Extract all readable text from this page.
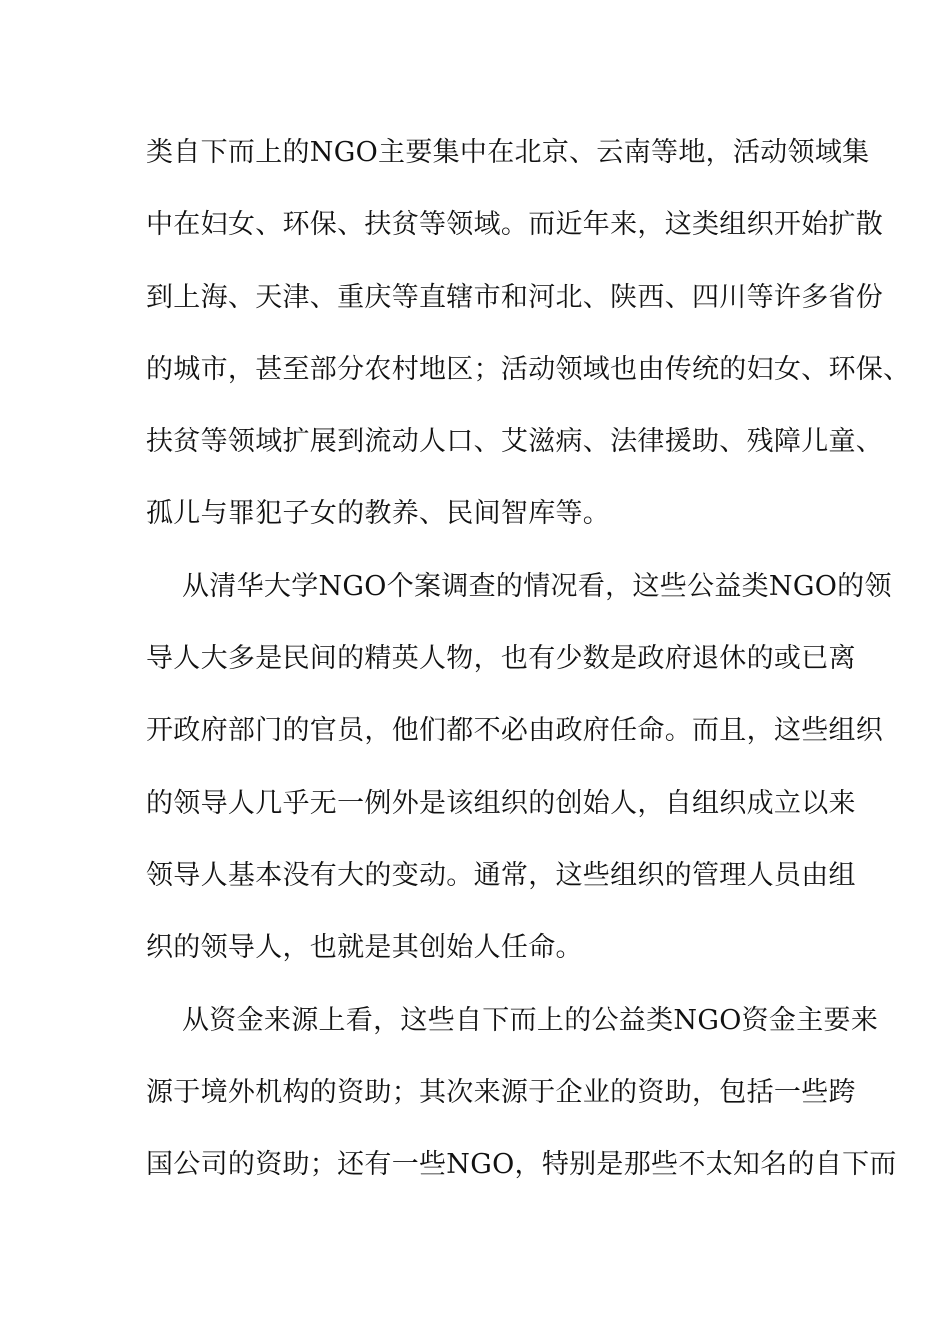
类自下而上的NGO主要集中在北京、云南等地，活动领域集
中在妇女、环保、扶贫等领域。而近年来，这类组织开始扩散
到上海、天津、重庆等直辖市和河北、陕西、四川等许多省份
的城市，甚至部分农村地区；活动领域也由传统的妇女、环保、
扶贫等领域扩展到流动人口、艾滋病、法律援助、残障儿童、
孤儿与罪犯子女的教养、民间智库等。
从清华大学NGO个案调查的情况看，这些公益类NGO的领
导人大多是民间的精英人物，也有少数是政府退休的或已离
开政府部门的官员，他们都不必由政府任命。而且，这些组织
的领导人几乎无一例外是该组织的创始人，自组织成立以来
领导人基本没有大的变动。通常，这些组织的管理人员由组
织的领导人，也就是其创始人任命。
从资金来源上看，这些自下而上的公益类NGO资金主要来
源于境外机构的资助；其次来源于企业的资助，包括一些跨
国公司的资助；还有一些NGO，特别是那些不太知名的自下而
